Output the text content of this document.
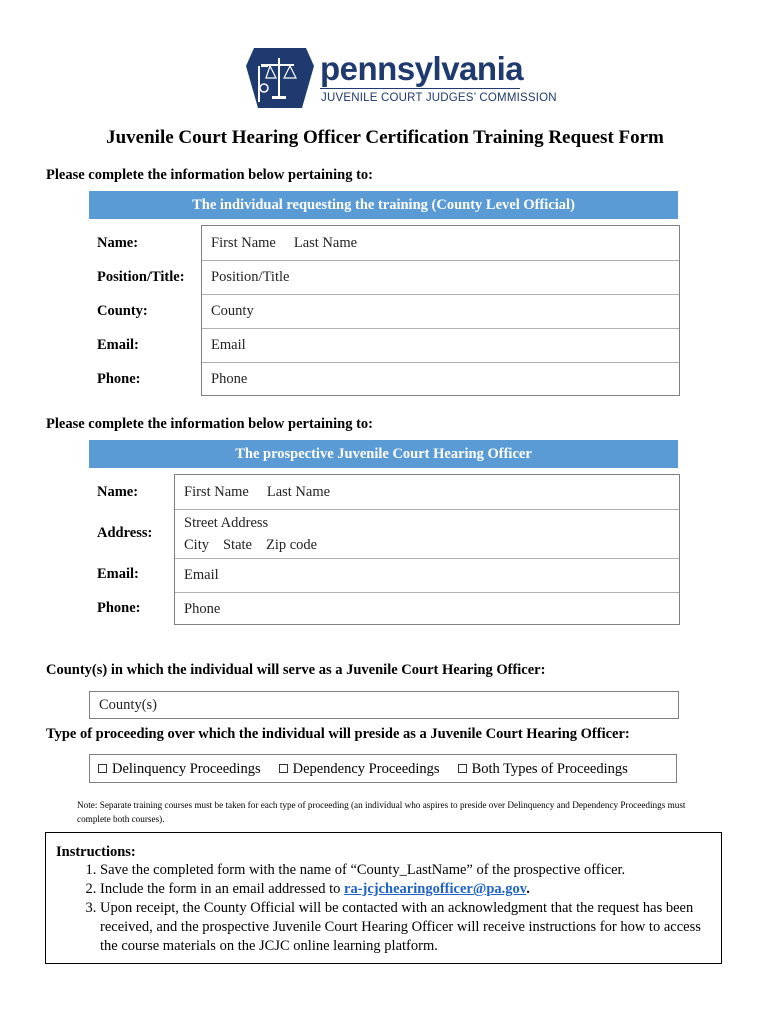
pennsylvania
JUVENILE COURT JUDGES’ COMMISSION
Juvenile Court Hearing Officer Certification Training Request Form
Please complete the information below pertaining to:
The individual requesting the training (County Level Official)
Name:
Position/Title:
County:
Email:
Phone:
First Name Last Name
Position/Title
County
Email
Phone
Please complete the information below pertaining to:
The prospective Juvenile Court Hearing Officer
Name:
Address:
Email:
Phone:
First Name Last Name
Street Address
City State Zip code
Email
Phone
County(s) in which the individual will serve as a Juvenile Court Hearing Officer:
County(s)
Type of proceeding over which the individual will preside as a Juvenile Court Hearing Officer:
Delinquency Proceedings Dependency Proceedings Both Types of Proceedings
Note: Separate training courses must be taken for each type of proceeding (an individual who aspires to preside over Delinquency and Dependency Proceedings must complete both courses).
Instructions:
1. Save the completed form with the name of “County_LastName” of the prospective officer.
2. Include the form in an email addressed to ra-jcjchearingofficer@pa.gov.
3. Upon receipt, the County Official will be contacted with an acknowledgment that the request has been received, and the prospective Juvenile Court Hearing Officer will receive instructions for how to access the course materials on the JCJC online learning platform.
